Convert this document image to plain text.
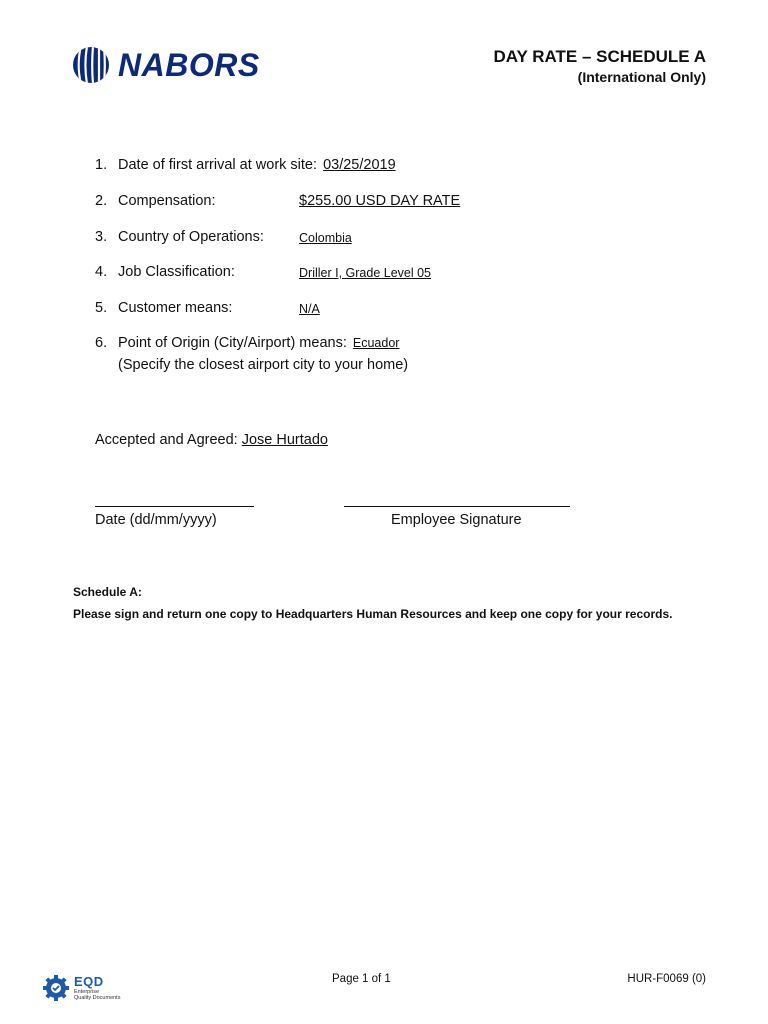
NABORS	DAY RATE – SCHEDULE A
(International Only)
1. Date of first arrival at work site: 03/25/2019
2. Compensation:	$255.00 USD DAY RATE
3. Country of Operations:	Colombia
4. Job Classification:	Driller I, Grade Level 05
5. Customer means:	N/A
6. Point of Origin (City/Airport) means: Ecuador
(Specify the closest airport city to your home)
Accepted and Agreed: Jose Hurtado
Date (dd/mm/yyyy)	Employee Signature
Schedule A:
Please sign and return one copy to Headquarters Human Resources and keep one copy for your records.
EQD
Enterprise
Quality Documents
Page 1 of 1	HUR-F0069 (0)
